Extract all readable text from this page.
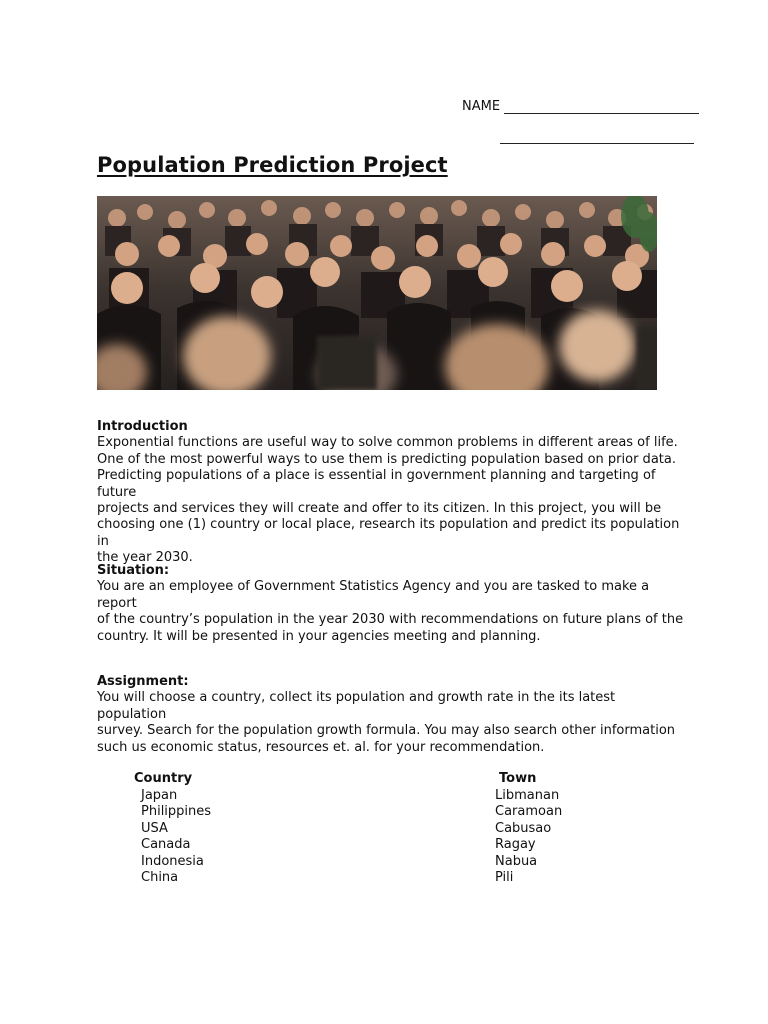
NAME
Population Prediction Project
Introduction

Exponential functions are useful way to solve common problems in different areas of life.

One of the most powerful ways to use them is predicting population based on prior data.

Predicting populations of a place is essential in government planning and targeting of future

projects and services they will create and offer to its citizen. In this project, you will be

choosing one (1) country or local place, research its population and predict its population in

the year 2030.

Situation:

You are an employee of Government Statistics Agency and you are tasked to make a report

of the country’s population in the year 2030 with recommendations on future plans of the

country. It will be presented in your agencies meeting and planning.

Assignment:

You will choose a country, collect its population and growth rate in the its latest population

survey. Search for the population growth formula. You may also search other information

such us economic status, resources et. al. for your recommendation.

Country
Japan
Philippines
USA
Canada
Indonesia
China
Town
Libmanan
Caramoan
Cabusao
Ragay
Nabua
Pili
